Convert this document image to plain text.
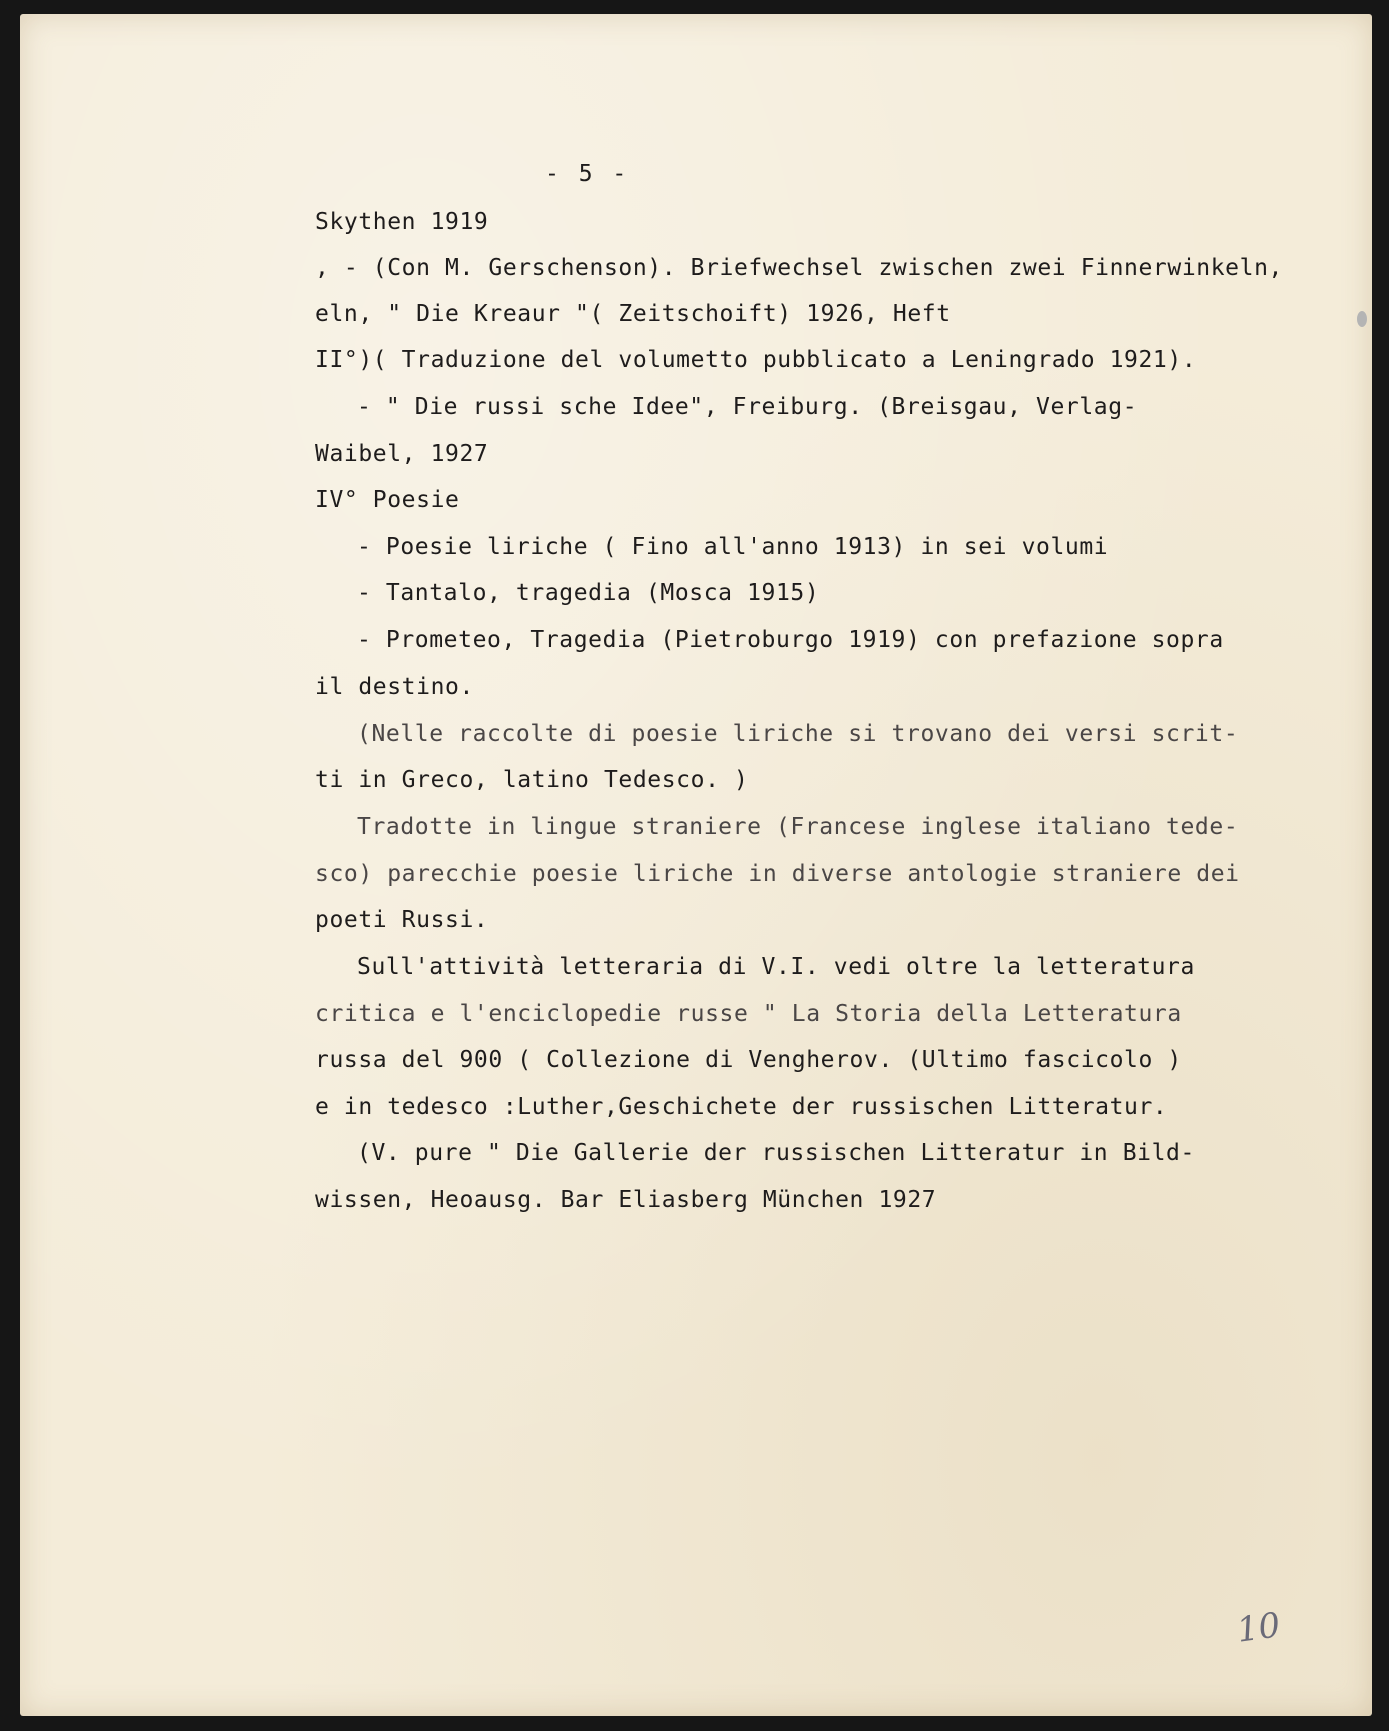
- 5 -
Skythen 1919
, - (Con M. Gerschenson). Briefwechsel zwischen zwei Finnerwinkeln,
eln, " Die Kreaur "( Zeitschoift) 1926, Heft
II°)( Traduzione del volumetto pubblicato a Leningrado 1921).
- " Die russi sche Idee", Freiburg. (Breisgau, Verlag-
Waibel, 1927
IV° Poesie
- Poesie liriche ( Fino all'anno 1913) in sei volumi
- Tantalo, tragedia (Mosca 1915)
- Prometeo, Tragedia (Pietroburgo 1919) con prefazione sopra
il destino.
(Nelle raccolte di poesie liriche si trovano dei versi scrit-
ti in Greco, latino Tedesco. )
Tradotte in lingue straniere (Francese inglese italiano tede-
sco) parecchie poesie liriche in diverse antologie straniere dei
poeti Russi.
Sull'attività letteraria di V.I. vedi oltre la letteratura
critica e l'enciclopedie russe " La Storia della Letteratura
russa del 900 ( Collezione di Vengherov. (Ultimo fascicolo )
e in tedesco :Luther,Geschichete der russischen Litteratur.
(V. pure " Die Gallerie der russischen Litteratur in Bild-
wissen, Heoausg. Bar Eliasberg München 1927
10
